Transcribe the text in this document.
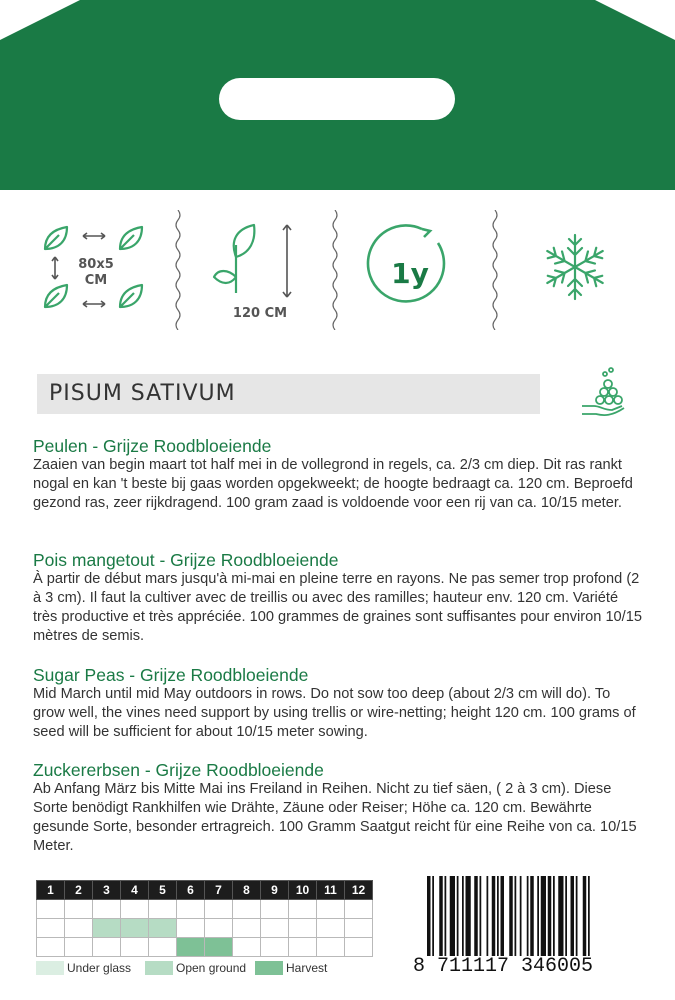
80x5
CM
120 CM
1y
PISUM SATIVUM
Peulen - Grijze Roodbloeiende

Zaaien van begin maart tot half mei in de vollegrond in regels, ca. 2/3 cm diep. Dit ras rankt nogal en kan 't beste bij gaas worden opgekweekt; de hoogte bedraagt ca. 120 cm. Beproefd gezond ras, zeer rijkdragend. 100 gram zaad is voldoende voor een rij van ca. 10/15 meter.

Pois mangetout - Grijze Roodbloeiende

À partir de début mars jusqu'à mi-mai en pleine terre en rayons. Ne pas semer trop profond (2 à 3 cm). Il faut la cultiver avec de treillis ou avec des ramilles; hauteur env. 120 cm. Variété très productive et très appréciée. 100 grammes de graines sont suffisantes pour environ 10/15 mètres de semis.

Sugar Peas - Grijze Roodbloeiende

Mid March until mid May outdoors in rows. Do not sow too deep (about 2/3 cm will do). To grow well, the vines need support by using trellis or wire-netting; height 120 cm. 100 grams of seed will be sufficient for about 10/15 meter sowing.

Zuckererbsen - Grijze Roodbloeiende

Ab Anfang März bis Mitte Mai ins Freiland in Reihen. Nicht zu tief säen, ( 2 à 3 cm). Diese Sorte benödigt Rankhilfen wie Drähte, Zäune oder Reiser; Höhe ca. 120 cm. Bewährte gesunde Sorte, besonder ertragreich. 100 Gramm Saatgut reicht für eine Reihe von ca. 10/15 Meter.

1	2	3	4	5	6	7	8	9	10	11	12

Under glass	Open ground	Harvest	8 711117 346005
